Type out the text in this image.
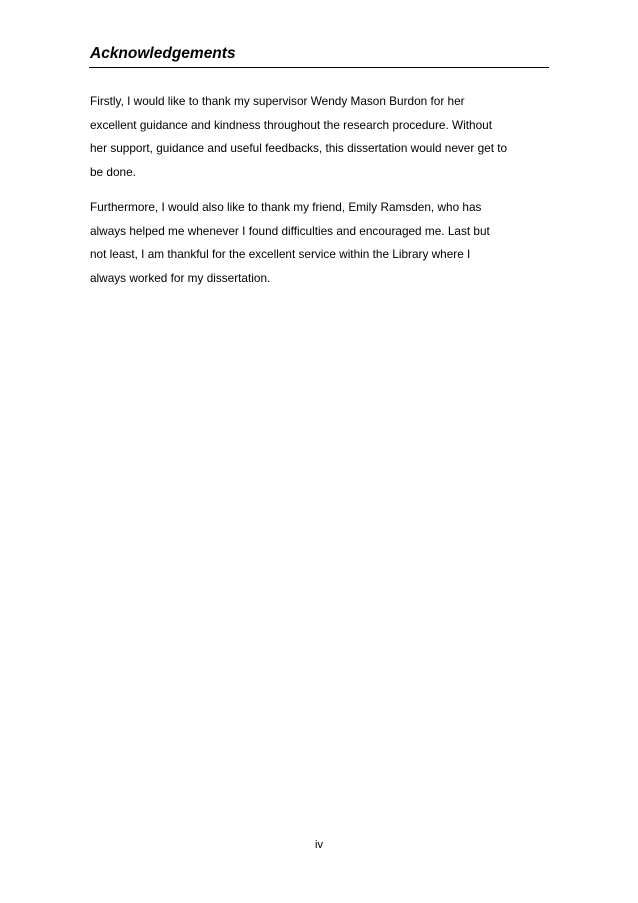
Acknowledgements

Firstly, I would like to thank my supervisor Wendy Mason Burdon for her
excellent guidance and kindness throughout the research procedure. Without
her support, guidance and useful feedbacks, this dissertation would never get to
be done.

Furthermore, I would also like to thank my friend, Emily Ramsden, who has
always helped me whenever I found difficulties and encouraged me. Last but
not least, I am thankful for the excellent service within the Library where I
always worked for my dissertation.

iv
